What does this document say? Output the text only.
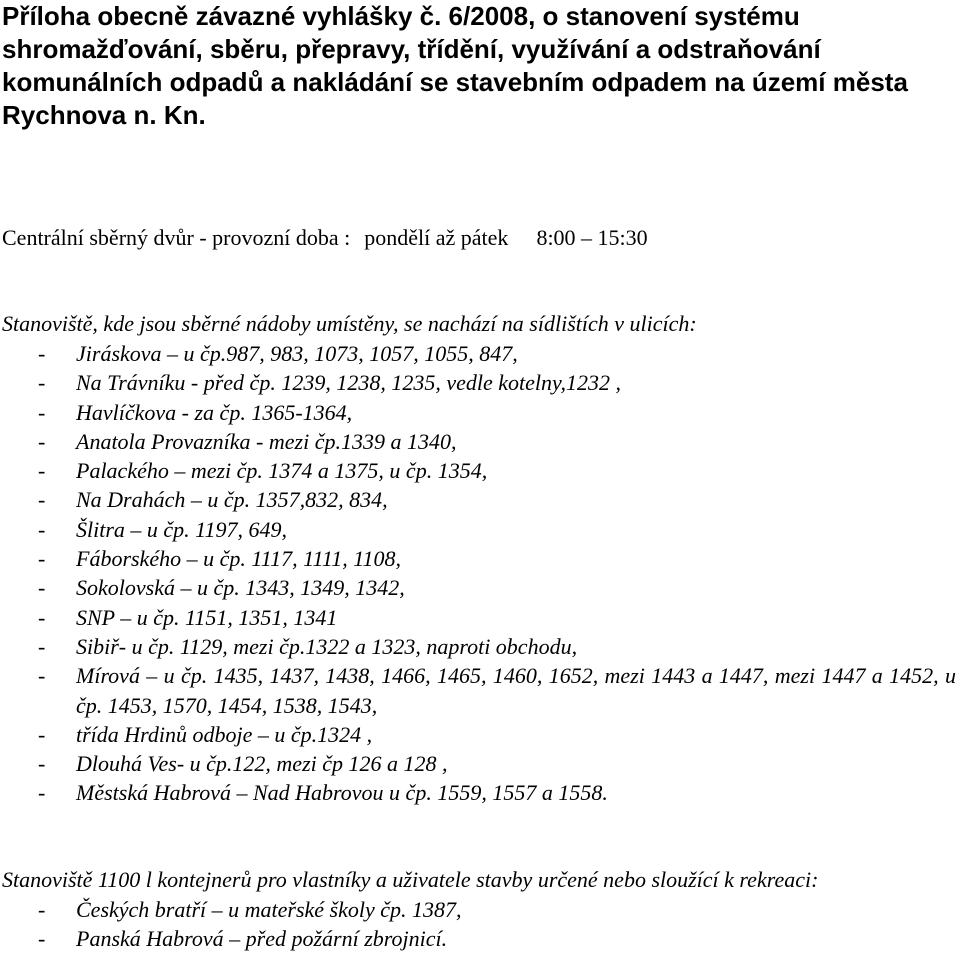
Příloha obecně závazné vyhlášky č. 6/2008, o stanovení systému
shromažďování, sběru, přepravy, třídění, využívání a odstraňování
komunálních odpadů a nakládání se stavebním odpadem na území města
Rychnova n. Kn.

Centrální sběrný dvůr - provozní doba : pondělí až pátek 8:00 – 15:30

Stanoviště, kde jsou sběrné nádoby umístěny, se nachází na sídlištích v ulicích:

- Jiráskova – u čp.987, 983, 1073, 1057, 1055, 847,
- Na Trávníku - před čp. 1239, 1238, 1235, vedle kotelny,1232 ,
- Havlíčkova - za čp. 1365-1364,
- Anatola Provazníka - mezi čp.1339 a 1340,
- Palackého – mezi čp. 1374 a 1375, u čp. 1354,
- Na Drahách – u čp. 1357,832, 834,
- Šlitra – u čp. 1197, 649,
- Fáborského – u čp. 1117, 1111, 1108,
- Sokolovská – u čp. 1343, 1349, 1342,
- SNP – u čp. 1151, 1351, 1341
- Sibiř- u čp. 1129, mezi čp.1322 a 1323, naproti obchodu,
- Mírová – u čp. 1435, 1437, 1438, 1466, 1465, 1460, 1652, mezi 1443 a 1447, mezi 1447 a 1452, u čp. 1453, 1570, 1454, 1538, 1543,
- třída Hrdinů odboje – u čp.1324 ,
- Dlouhá Ves- u čp.122, mezi čp 126 a 128 ,
- Městská Habrová – Nad Habrovou u čp. 1559, 1557 a 1558.

Stanoviště 1100 l kontejnerů pro vlastníky a uživatele stavby určené nebo sloužící k rekreaci:

- Českých bratří – u mateřské školy čp. 1387,
- Panská Habrová – před požární zbrojnicí.
